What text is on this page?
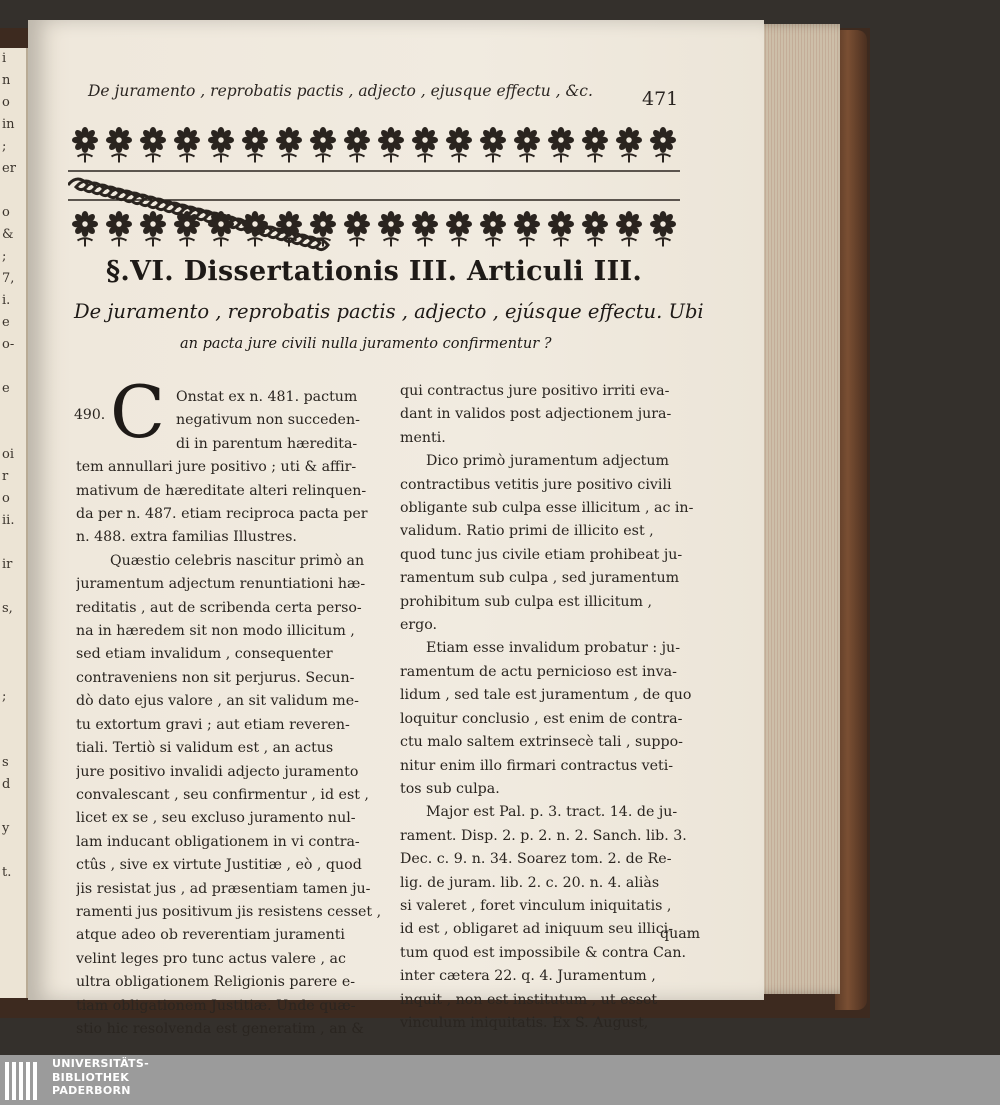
i
n
o
in
;
er

o
&
;
7,
i.
e
o-

e

oi
r
o
ii.

ir

s,

;

s
d

y

t.

De juramento , reprobatis pactis , adjecto , ejusque effectu , &c.	471
§.VI. Dissertationis III. Articuli III.
De juramento , reprobatis pactis , adjecto , ejúsque effectu. Ubi
an pacta jure civili nulla juramento confirmentur ?
Onstat ex n. 481. pactum
negativum non succeden-
di in parentum hæredita-
tem annullari jure positivo ; uti & affir-
mativum de hæreditate alteri relinquen-
da per n. 487. etiam reciproca pacta per
n. 488. extra familias Illustres.
Quæstio celebris nascitur primò an
juramentum adjectum renuntiationi hæ-
reditatis , aut de scribenda certa perso-
na in hæredem sit non modo illicitum ,
sed etiam invalidum , consequenter
contraveniens non sit perjurus. Secun-
dò dato ejus valore , an sit validum me-
tu extortum gravi ; aut etiam reveren-
tiali. Tertiò si validum est , an actus
jure positivo invalidi adjecto juramento
convalescant , seu confirmentur , id est ,
licet ex se , seu excluso juramento nul-
lam inducant obligationem in vi contra-
ctûs , sive ex virtute Justitiæ , eò , quod
jis resistat jus , ad præsentiam tamen ju-
ramenti jus positivum jis resistens cesset ,
atque adeo ob reverentiam juramenti
velint leges pro tunc actus valere , ac
ultra obligationem Religionis parere e-
tiam obligationem Justitiæ. Unde quæ-
stio hic resolvenda est generatim , an &
490. C	qui contractus jure positivo irriti eva-
dant in validos post adjectionem jura-
menti.
Dico primò juramentum adjectum
contractibus vetitis jure positivo civili
obligante sub culpa esse illicitum , ac in-
validum. Ratio primi de illicito est ,
quod tunc jus civile etiam prohibeat ju-
ramentum sub culpa , sed juramentum
prohibitum sub culpa est illicitum ,
ergo.
Etiam esse invalidum probatur : ju-
ramentum de actu pernicioso est inva-
lidum , sed tale est juramentum , de quo
loquitur conclusio , est enim de contra-
ctu malo saltem extrinsecè tali , suppo-
nitur enim illo firmari contractus veti-
tos sub culpa.
Major est Pal. p. 3. tract. 14. de ju-
rament. Disp. 2. p. 2. n. 2. Sanch. lib. 3.
Dec. c. 9. n. 34. Soarez tom. 2. de Re-
lig. de juram. lib. 2. c. 20. n. 4. aliàs
si valeret , foret vinculum iniquitatis ,
id est , obligaret ad iniquum seu illici-
tum quod est impossibile & contra Can.
inter cætera 22. q. 4. Juramentum ,
inquit , non est institutum , ut esset
vinculum iniquitatis. Ex S. August,
quam
UNIVERSITÄTS-
BIBLIOTHEK
PADERBORN
